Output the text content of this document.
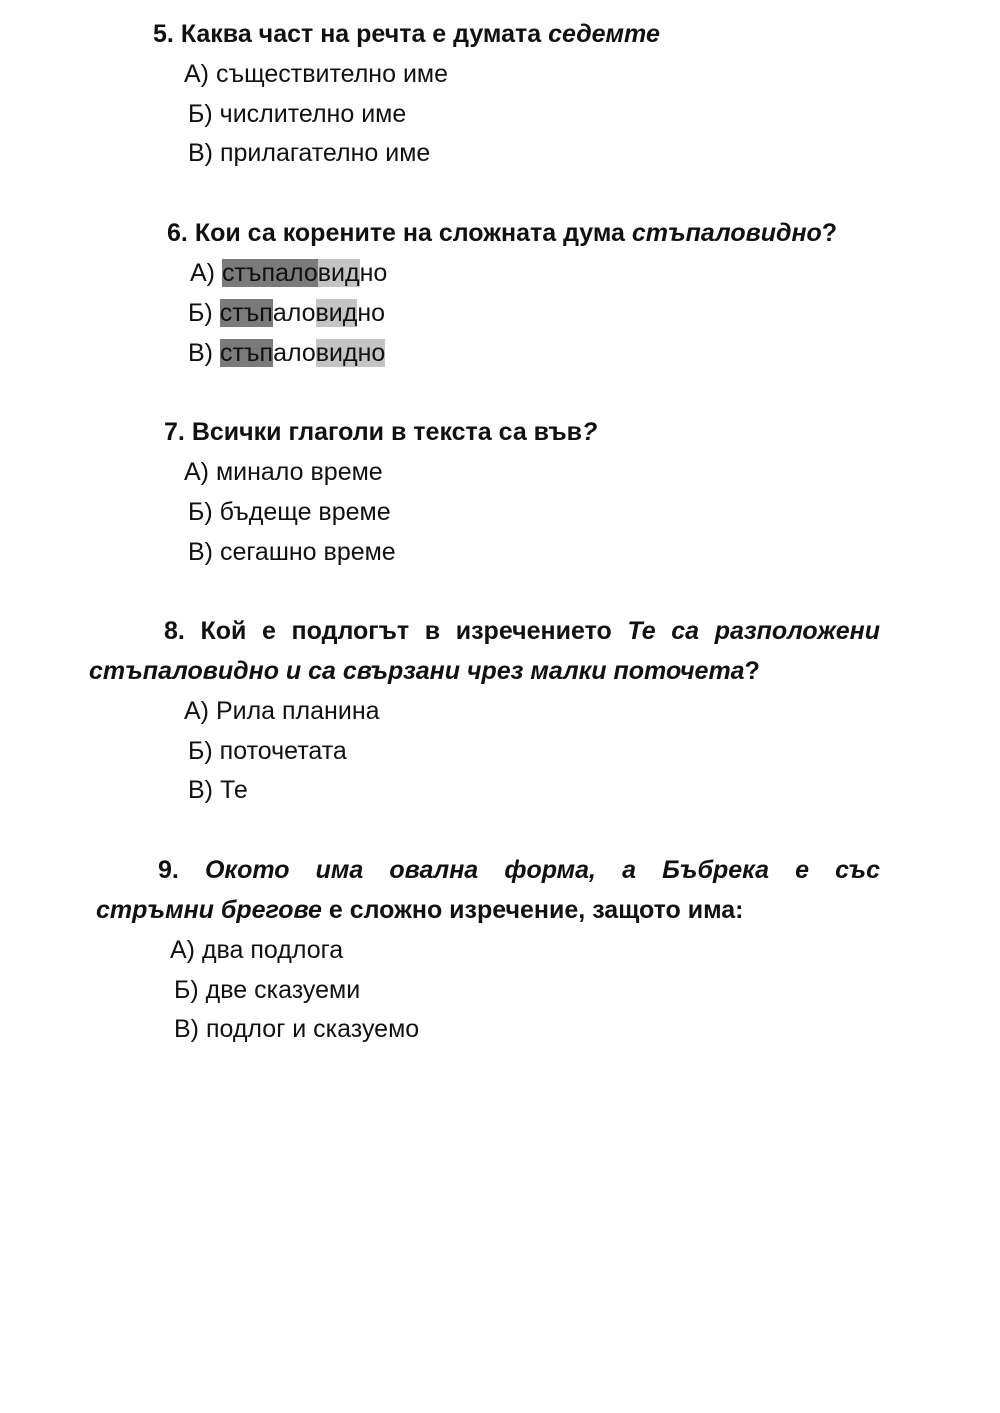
5. Каква част на речта е думата седемте
А) съществително име
Б) числително име
В) прилагателно име
6. Кои са корените на сложната дума стъпаловидно?
А) стъпаловидно
Б) стъпаловидно
В) стъпаловидно
7. Всички глаголи в текста са във?
А) минало време
Б) бъдеще време
В) сегашно време
8. Кой е подлогът в изречението Те са разположени
стъпаловидно и са свързани чрез малки поточета?
А) Рила планина
Б) поточетата
В) Те
9. Окото има овална форма, а Бъбрека е със
стръмни брегове е сложно изречение, защото има:
А) два подлога
Б) две сказуеми
В) подлог и сказуемо
